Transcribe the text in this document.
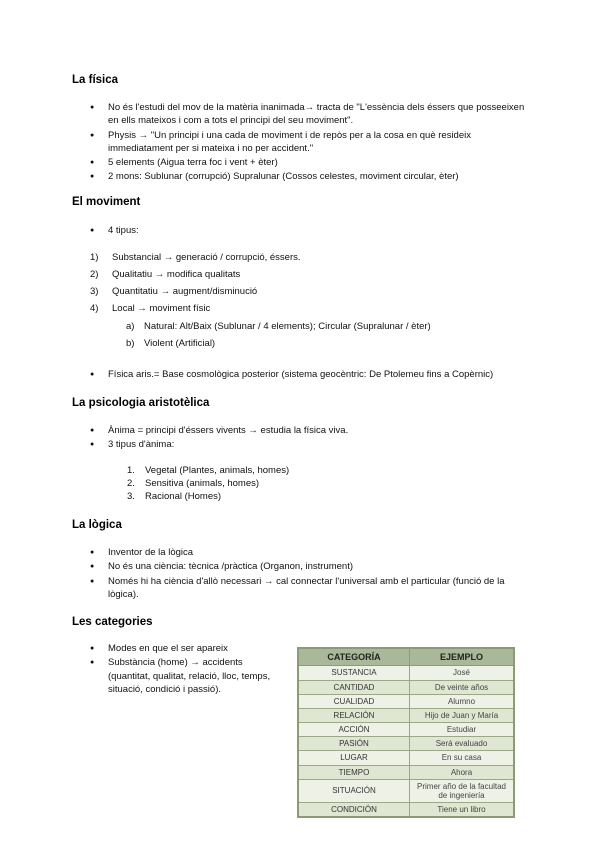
La física
● No és l'estudi del mov de la matèria inanimada→ tracta de "L'essència dels éssers que posseeixen en ells mateixos i com a tots el principi del seu moviment".
● Physis → "Un principi i una cada de moviment i de repòs per a la cosa en què resideix immediatament per si mateixa i no per accident."
● 5 elements (Aigua terra foc i vent + èter)
● 2 mons: Sublunar (corrupció) Supralunar (Cossos celestes, moviment circular, èter)
El moviment
● 4 tipus:
1) Substancial → generació / corrupció, éssers.
2) Qualitatiu → modifica qualitats
3) Quantitatiu → augment/disminució
4) Local → moviment físic
a) Natural: Alt/Baix (Sublunar / 4 elements); Circular (Supralunar / èter)
b) Violent (Artificial)
● Física aris.= Base cosmològica posterior (sistema geocèntric: De Ptolemeu fins a Copèrnic)
La psicologia aristotèlica
● Ànima = principi d'éssers vivents → estudia la física viva.
● 3 tipus d'ànima:
1. Vegetal (Plantes, animals, homes)
2. Sensitiva (animals, homes)
3. Racional (Homes)
La lògica
● Inventor de la lògica
● No és una ciència: tècnica /pràctica (Organon, instrument)
● Només hi ha ciència d'allò necessari → cal connectar l'universal amb el particular (funció de la lògica).
Les categories
● Modes en que el ser apareix
● Substància (home) → accidents (quantitat, qualitat, relació, lloc, temps, situació, condició i passió).
CATEGORÍA	EJEMPLO
SUSTANCIA	José
CANTIDAD	De veinte años
CUALIDAD	Alumno
RELACIÓN	Hijo de Juan y María
ACCIÓN	Estudiar
PASIÓN	Será evaluado
LUGAR	En su casa
TIEMPO	Ahora
SITUACIÓN	Primer año de la facultad de ingeniería
CONDICIÓN	Tiene un libro
